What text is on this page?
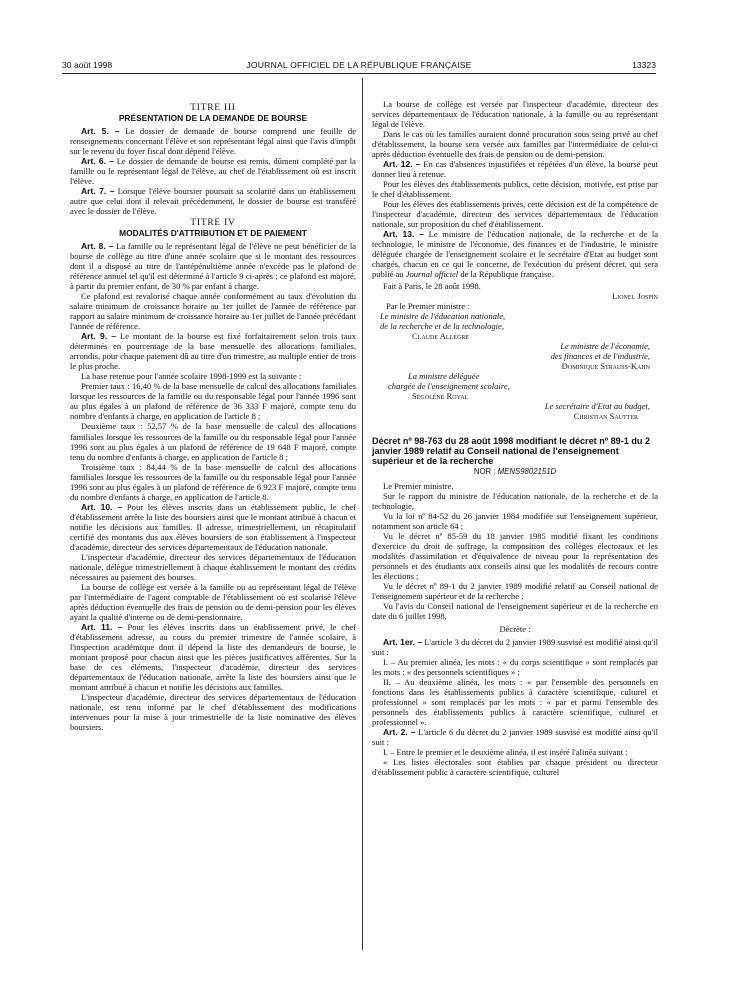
30 août 1998	JOURNAL OFFICIEL DE LA RÉPUBLIQUE FRANÇAISE	13323

TITRE III

PRÉSENTATION DE LA DEMANDE DE BOURSE

Art. 5. – Le dossier de demande de bourse comprend une feuille de renseignements concernant l'élève et son représentant légal ainsi que l'avis d'impôt sur le revenu du foyer fiscal dont dépend l'élève.

Art. 6. – Le dossier de demande de bourse est remis, dûment complété par la famille ou le représentant légal de l'élève, au chef de l'établissement où est inscrit l'élève.

Art. 7. – Lorsque l'élève boursier poursuit sa scolarité dans un établissement autre que celui dont il relevait précédemment, le dossier de bourse est transféré avec le dossier de l'élève.

TITRE IV

MODALITÉS D'ATTRIBUTION ET DE PAIEMENT

Art. 8. – La famille ou le représentant légal de l'élève ne peut bénéficier de la bourse de collège au titre d'une année scolaire que si le montant des ressources dont il a disposé au titre de l'antépénultième année n'excède pas le plafond de référence annuel tel qu'il est déterminé à l'article 9 ci-après ; ce plafond est majoré, à partir du premier enfant, de 30 % par enfant à charge.

Ce plafond est revalorisé chaque année conformément au taux d'évolution du salaire minimum de croissance horaire au 1er juillet de l'année de référence par rapport au salaire minimum de croissance horaire au 1er juillet de l'année précédant l'année de référence.

Art. 9. – Le montant de la bourse est fixé forfaitairement selon trois taux déterminés en pourcentage de la base mensuelle des allocations familiales, arrondis, pour chaque paiement dû au titre d'un trimestre, au multiple entier de trois le plus proche.

La base retenue pour l'année scolaire 1998-1999 est la suivante :

Premier taux : 16,40 % de la base mensuelle de calcul des allocations familiales lorsque les ressources de la famille ou du responsable légal pour l'année 1996 sont au plus égales à un plafond de référence de 36 333 F majoré, compte tenu du nombre d'enfants à charge, en application de l'article 8 ;

Deuxième taux : 52,57 % de la base mensuelle de calcul des allocations familiales lorsque les ressources de la famille ou du responsable légal pour l'année 1996 sont au plus égales à un plafond de référence de 19 648 F majoré, compte tenu du nombre d'enfants à charge, en application de l'article 8 ;

Troisième taux : 84,44 % de la base mensuelle de calcul des allocations familiales lorsque les ressources de la famille ou du responsable légal pour l'année 1996 sont au plus égales à un plafond de référence de 6 923 F majoré, compte tenu du nombre d'enfants à charge, en application de l'article 8.

Art. 10. – Pour les élèves inscrits dans un établissement public, le chef d'établissement arrête la liste des boursiers ainsi que le montant attribué à chacun et notifie les décisions aux familles. Il adresse, trimestriellement, un récapitulatif certifié des montants dus aux élèves boursiers de son établissement à l'inspecteur d'académie, directeur des services départementaux de l'éducation nationale.

L'inspecteur d'académie, directeur des services départementaux de l'éducation nationale, délègue trimestriellement à chaque établissement le montant des crédits nécessaires au paiement des bourses.

La bourse de collège est versée à la famille ou au représentant légal de l'élève par l'intermédiaire de l'agent comptable de l'établissement où est scolarisé l'élève après déduction éventuelle des frais de pension ou de demi-pension pour les élèves ayant la qualité d'interne ou de demi-pensionnaire.

Art. 11. – Pour les élèves inscrits dans un établissement privé, le chef d'établissement adresse, au cours du premier trimestre de l'année scolaire, à l'inspection académique dont il dépend la liste des demandeurs de bourse, le montant proposé pour chacun ainsi que les pièces justificatives afférentes. Sur la base de ces éléments, l'inspecteur d'académie, directeur des services départementaux de l'éducation nationale, arrête la liste des boursiers ainsi que le montant attribué à chacun et notifie les décisions aux familles.

L'inspecteur d'académie, directeur des services départementaux de l'éducation nationale, est tenu informé par le chef d'établissement des modifications intervenues pour la mise à jour trimestrielle de la liste nominative des élèves boursiers.

La bourse de collège est versée par l'inspecteur d'académie, directeur des services départementaux de l'éducation nationale, à la famille ou au représentant légal de l'élève.

Dans le cas où les familles auraient donné procuration sous seing privé au chef d'établissement, la bourse sera versée aux familles par l'intermédiaire de celui-ci après déduction éventuelle des frais de pension ou de demi-pension.

Art. 12. – En cas d'absences injustifiées et répétées d'un élève, la bourse peut donner lieu à retenue.

Pour les élèves des établissements publics, cette décision, motivée, est prise par le chef d'établissement.

Pour les élèves des établissements privés, cette décision est de la compétence de l'inspecteur d'académie, directeur des services départementaux de l'éducation nationale, sur proposition du chef d'établissement.

Art. 13. – Le ministre de l'éducation nationale, de la recherche et de la technologie, le ministre de l'économie, des finances et de l'industrie, le ministre déléguée chargée de l'enseignement scolaire et le secrétaire d'Etat au budget sont chargés, chacun en ce qui le concerne, de l'exécution du présent décret, qui sera publié au Journal officiel de la République française.

Fait à Paris, le 28 août 1998.

Lionel Jospin

Par le Premier ministre :

Le ministre de l'éducation nationale,

de la recherche et de la technologie,

Claude Allègre

Le ministre de l'économie,

des finances et de l'industrie,

Dominique Strauss-Kahn

La ministre déléguée

chargée de l'enseignement scolaire,

Ségolène Royal

Le secrétaire d'Etat au budget,

Christian Sautter

Décret nº 98-763 du 28 août 1998 modifiant le décret nº 89-1 du 2 janvier 1989 relatif au Conseil national de l'enseignement supérieur et de la recherche

NOR : MENS9802151D

Le Premier ministre,

Sur le rapport du ministre de l'éducation nationale, de la recherche et de la technologie,

Vu la loi nº 84-52 du 26 janvier 1984 modifiée sur l'enseignement supérieur, notamment son article 64 ;

Vu le décret nº 85-59 du 18 janvier 1985 modifié fixant les conditions d'exercice du droit de suffrage, la composition des collèges électoraux et les modalités d'assimilation et d'équivalence de niveau pour la représentation des personnels et des étudiants aux conseils ainsi que les modalités de recours contre les élections ;

Vu le décret nº 89-1 du 2 janvier 1989 modifié relatif au Conseil national de l'enseignement supérieur et de la recherche ;

Vu l'avis du Conseil national de l'enseignement supérieur et de la recherche en date du 6 juillet 1998,

Décrète :

Art. 1er. – L'article 3 du décret du 2 janvier 1989 susvisé est modifié ainsi qu'il suit :

I. – Au premier alinéa, les mots : « du corps scientifique » sont remplacés par les mots : « des personnels scientifiques » ;

II. – Au deuxième alinéa, les mots : « par l'ensemble des personnels en fonctions dans les établissements publics à caractère scientifique, culturel et professionnel » sont remplacés par les mots : « par et parmi l'ensemble des personnels des établissements publics à caractère scientifique, culturel et professionnel ».

Art. 2. – L'article 6 du décret du 2 janvier 1989 susvisé est modifié ainsi qu'il suit :

I. – Entre le premier et le deuxième alinéa, il est inséré l'alinéa suivant :

« Les listes électorales sont établies par chaque président ou directeur d'établissement public à caractère scientifique, culturel
